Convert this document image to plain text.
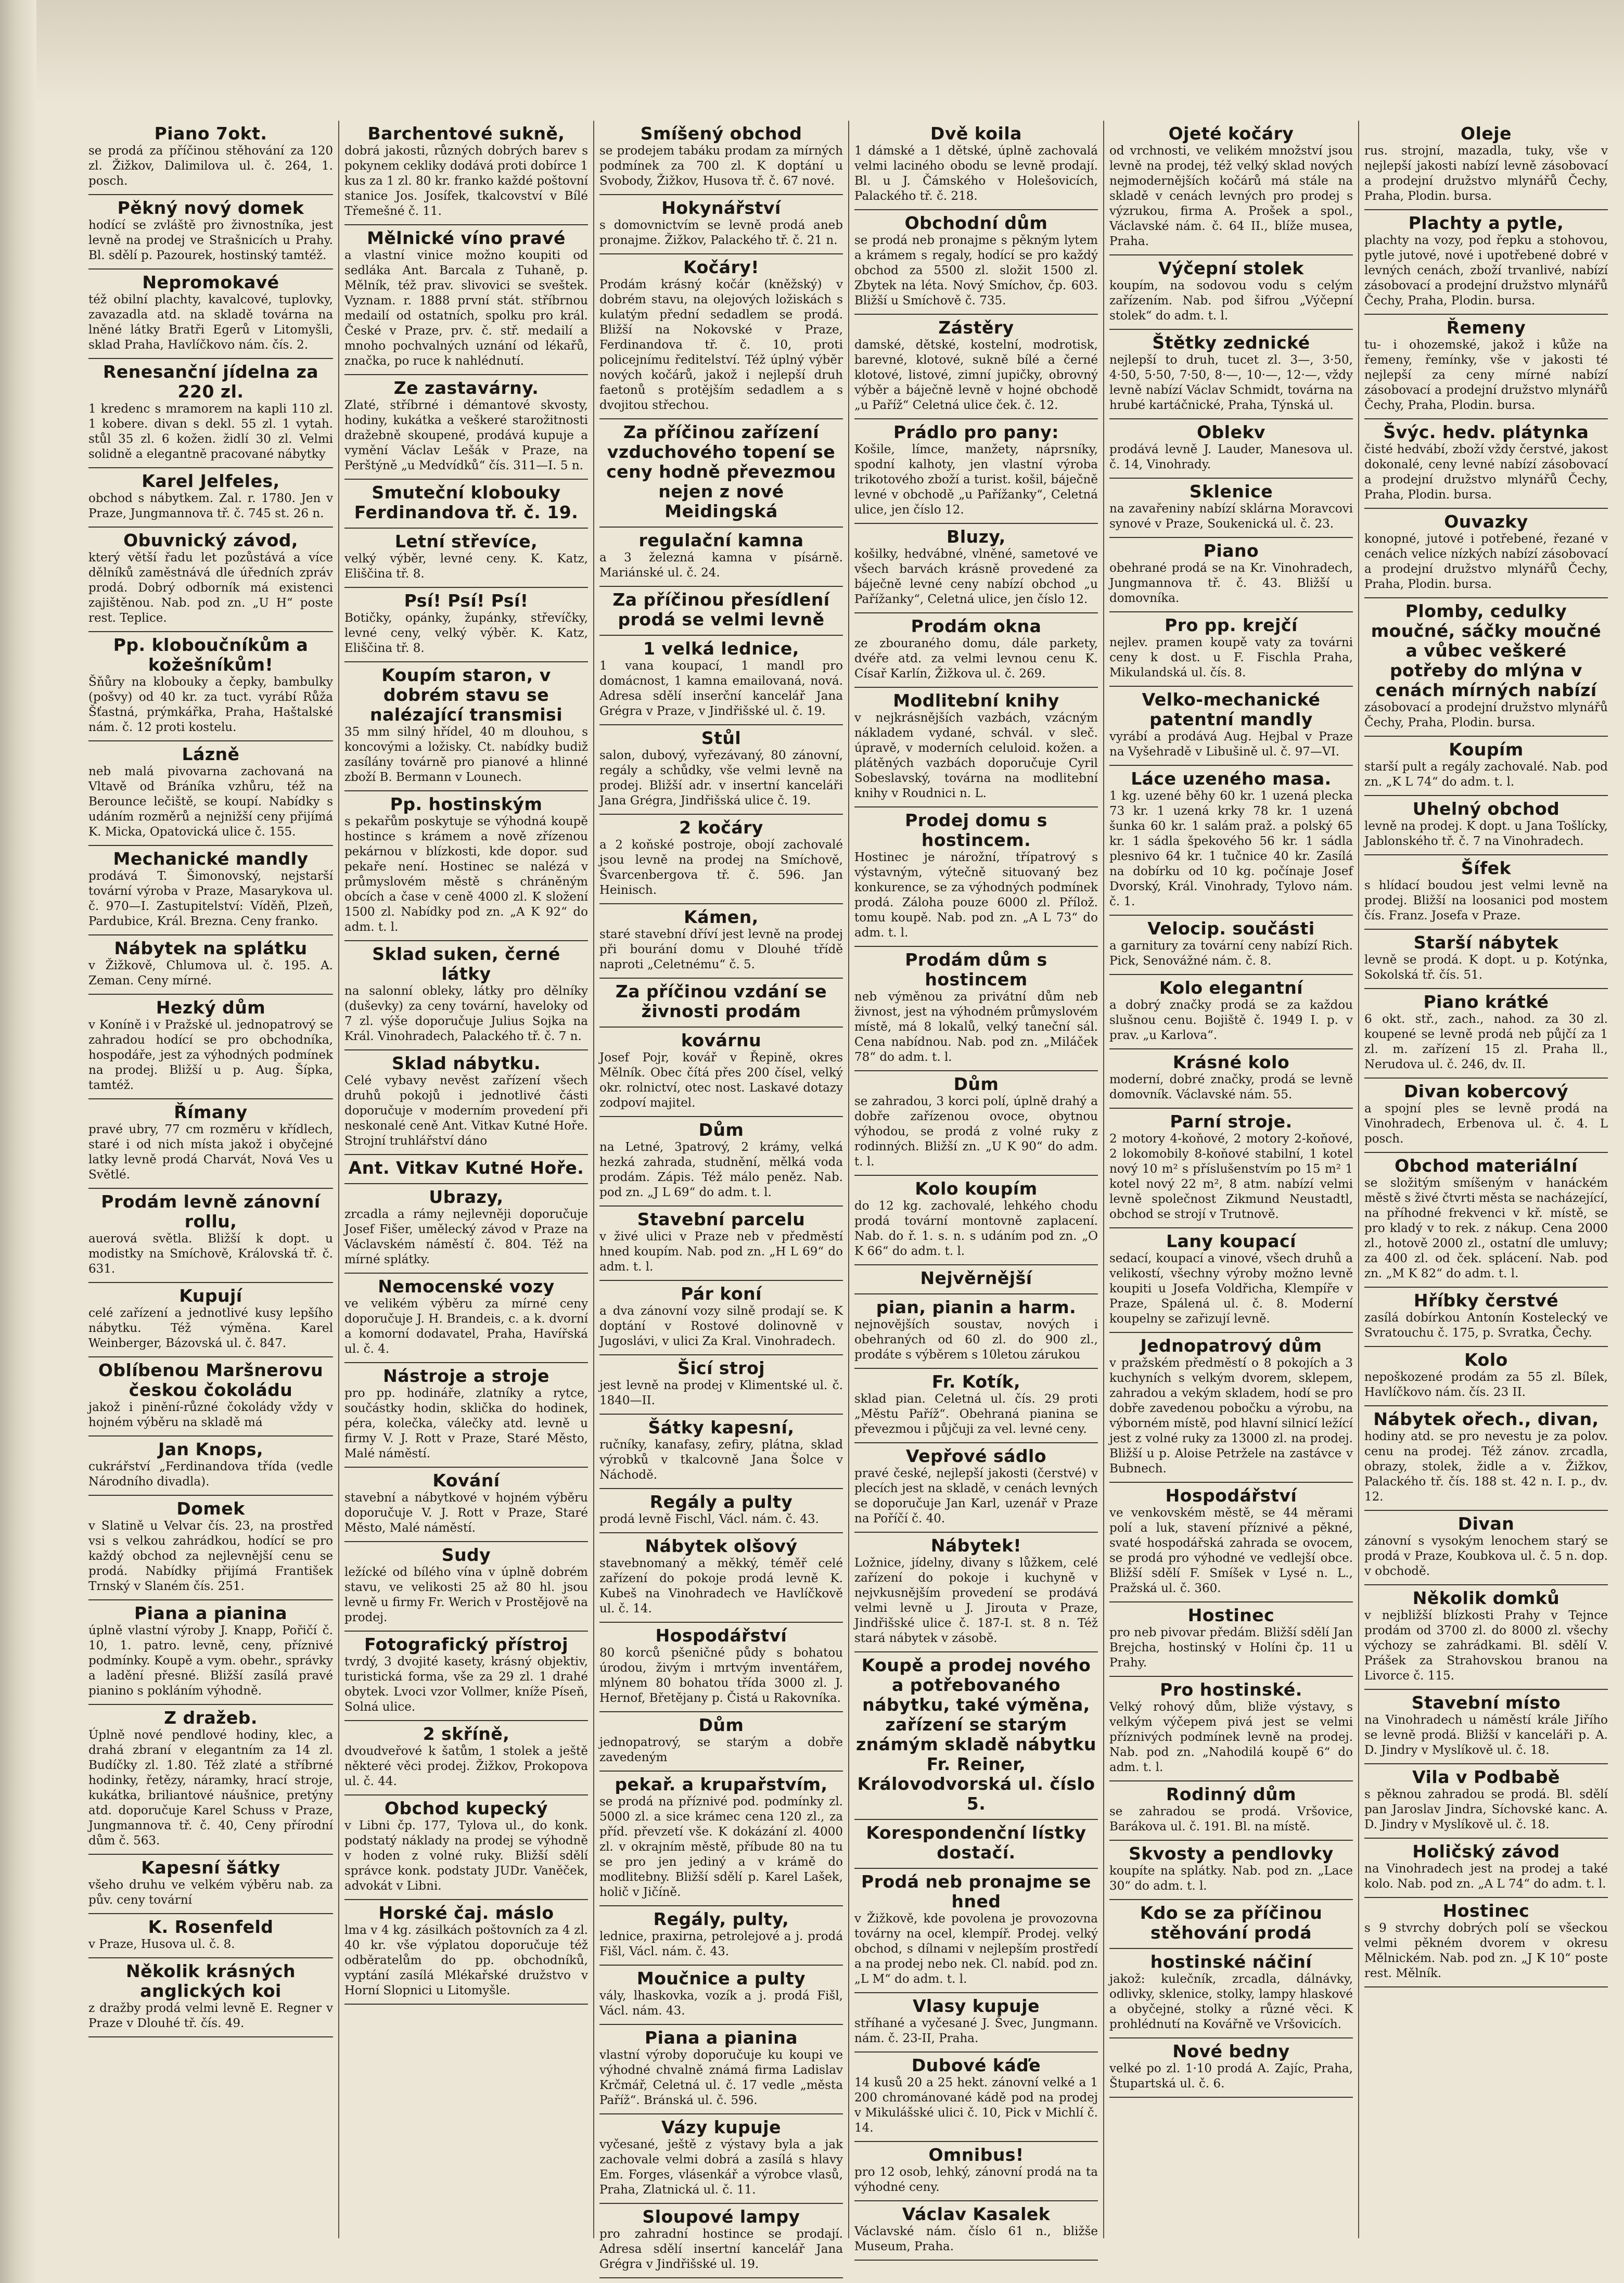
Piano 7okt.
se prodá za příčinou stěhování za 120 zl. Žižkov, Dalimilova ul. č. 264, 1. posch.
Pěkný nový domek
hodící se zvláště pro živnostníka, jest levně na prodej ve Strašnicích u Prahy. Bl. sdělí p. Pazourek, hostinský tamtéž.
Nepromokavé
též obilní plachty, kavalcové, tuplovky, zavazadla atd. na skladě továrna na lněné látky Bratři Egerů v Litomyšli, sklad Praha, Havlíčkovo nám. čís. 2.
Renesanční jídelna za 220 zl.
1 kredenc s mramorem na kapli 110 zl. 1 kobere. divan s dekl. 55 zl. 1 vytah. stůl 35 zl. 6 kožen. židlí 30 zl. Velmi solidně a elegantně pracované nábytky
Karel Jelfeles,
obchod s nábytkem. Zal. r. 1780. Jen v Praze, Jungmannova tř. č. 745 st. 26 n.
Obuvnický závod,
který větší řadu let pozůstává a více dělníků zaměstnává dle úředních zpráv prodá. Dobrý odborník má existenci zajištěnou. Nab. pod zn. „U H“ poste rest. Teplice.
Pp. kloboučníkům a kožešníkům!
Šňůry na klobouky a čepky, bambulky (pošvy) od 40 kr. za tuct. vyrábí Růža Šťastná, prýmkářka, Praha, Haštalské nám. č. 12 proti kostelu.
Lázně
neb malá pivovarna zachovaná na Vltavě od Bráníka vzhůru, též na Berounce lečiště, se koupí. Nabídky s udáním rozměrů a nejnižší ceny přijímá K. Micka, Opatovická ulice č. 155.
Mechanické mandly
prodává T. Šimonovský, nejstarší tovární výroba v Praze, Masarykova ul. č. 970—I. Zastupitelství: Víděň, Plzeň, Pardubice, Král. Brezna. Ceny franko.
Nábytek na splátku
v Žižkově, Chlumova ul. č. 195. A. Zeman. Ceny mírné.
Hezký dům
v Koníně i v Pražské ul. jednopatrový se zahradou hodící se pro obchodníka, hospodáře, jest za výhodných podmínek na prodej. Bližší u p. Aug. Šípka, tamtéž.
Římany
pravé ubry, 77 cm rozměru v křídlech, staré i od nich místa jakož i obyčejné latky levně prodá Charvát, Nová Ves u Světlé.
Prodám levně zánovní rollu,
auerová světla. Bližší k dopt. u modistky na Smíchově, Královská tř. č. 631.
Kupují
celé zařízení a jednotlivé kusy lepšího nábytku. Též výměna. Karel Weinberger, Bázovská ul. č. 847.
Oblíbenou Maršnerovu českou čokoládu
jakož i pinění-různé čokolády vždy v hojném výběru na skladě má
Jan Knops,
cukrářství „Ferdinandova třída (vedle Národního divadla).
Domek
v Slatině u Velvar čís. 23, na prostřed vsi s velkou zahrádkou, hodící se pro každý obchod za nejlevnější cenu se prodá. Nabídky přijímá František Trnský v Slaném čís. 251.
Piana a pianina
úplně vlastní výroby J. Knapp, Pořičí č. 10, 1. patro. levně, ceny, příznivé podmínky. Koupě a vym. obehr., správky a ladění přesné. Bližší zasílá pravé pianino s pokláním výhodně.
Z dražeb.
Úplně nové pendlové hodiny, klec, a drahá zbraní v elegantním za 14 zl. Budíčky zl. 1.80. Též zlaté a stříbrné hodinky, řetězy, náramky, hrací stroje, kukátka, briliantové náušnice, pretýny atd. doporučuje Karel Schuss v Praze, Jungmannova tř. č. 40, Ceny přírodní dům č. 563.
Kapesní šátky
všeho druhu ve velkém výběru nab. za pův. ceny tovární
K. Rosenfeld
v Praze, Husova ul. č. 8.
Několik krásných anglických koi
z dražby prodá velmi levně E. Regner v Praze v Dlouhé tř. čís. 49.
Barchentové sukně,
dobrá jakosti, různých dobrých barev s pokynem cekliky dodává proti dobírce 1 kus za 1 zl. 80 kr. franko každé poštovní stanice Jos. Josífek, tkalcovství v Bílé Třemešné č. 11.
Mělnické víno pravé
a vlastní vinice možno koupiti od sedláka Ant. Barcala z Tuhaně, p. Mělník, též prav. slivovici se sveštek. Vyznam. r. 1888 první stát. stříbrnou medailí od ostatních, spolku pro král. České v Praze, prv. č. stř. medailí a mnoho pochvalných uznání od lékařů, značka, po ruce k nahlédnutí.
Ze zastavárny.
Zlaté, stříbrné i démantové skvosty, hodiny, kukátka a veškeré starožitnosti dražebně skoupené, prodává kupuje a vymění Václav Lešák v Praze, na Perštýně „u Medvídků“ čís. 311—I. 5 n.
Smuteční klobouky Ferdinandova tř. č. 19.
Letní střevíce,
velký výběr, levné ceny. K. Katz, Eliščina tř. 8.
Psí! Psí! Psí!
Botičky, opánky, župánky, střevíčky, levné ceny, velký výběr. K. Katz, Eliščina tř. 8.
Koupím staron, v dobrém stavu se nalézající transmisi
35 mm silný hřídel, 40 m dlouhou, s koncovými a ložisky. Ct. nabídky budiž zasílány továrně pro pianové a hlinné zboží B. Bermann v Lounech.
Pp. hostinským
s pekařům poskytuje se výhodná koupě hostince s krámem a nově zřízenou pekárnou v blízkosti, kde dopor. sud pekaře není. Hostinec se nalézá v průmyslovém městě s chráněným obcích a čase v ceně 4000 zl. K složení 1500 zl. Nabídky pod zn. „A K 92“ do adm. t. l.
Sklad suken, černé látky
na salonní obleky, látky pro dělníky (duševky) za ceny tovární, haveloky od 7 zl. výše doporučuje Julius Sojka na Král. Vinohradech, Palackého tř. č. 7 n.
Sklad nábytku.
Celé vybavy nevěst zařízení všech druhů pokojů i jednotlivé části doporučuje v moderním provedení při neskonalé ceně Ant. Vitkav Kutné Hoře. Strojní truhlářství dáno
Ant. Vitkav Kutné Hoře.
Ubrazy,
zrcadla a rámy nejlevněji doporučuje Josef Fišer, umělecký závod v Praze na Václavském náměstí č. 804. Též na mírné splátky.
Nemocenské vozy
ve velikém výběru za mírné ceny doporučuje J. H. Brandeis, c. a k. dvorní a komorní dodavatel, Praha, Havířská ul. č. 4.
Nástroje a stroje
pro pp. hodináře, zlatníky a rytce, součástky hodin, sklička do hodinek, péra, kolečka, válečky atd. levně u firmy V. J. Rott v Praze, Staré Město, Malé náměstí.
Kování
stavební a nábytkové v hojném výběru doporučuje V. J. Rott v Praze, Staré Město, Malé náměstí.
Sudy
ležícké od bílého vína v úplně dobrém stavu, ve velikosti 25 až 80 hl. jsou levně u firmy Fr. Werich v Prostějově na prodej.
Fotografický přístroj
tvrdý, 3 dvojité kasety, krásný objektiv, turistická forma, vše za 29 zl. 1 drahé obytek. Lvoci vzor Vollmer, kníže Píseň, Solná ulice.
2 skříně,
dvoudveřové k šatům, 1 stolek a ještě některé věci prodej. Žižkov, Prokopova ul. č. 44.
Obchod kupecký
v Libni čp. 177, Tylova ul., do konk. podstatý náklady na prodej se výhodně v hoden z volné ruky. Bližší sdělí správce konk. podstaty JUDr. Vaněček, advokát v Libni.
Horské čaj. máslo
lma v 4 kg. zásilkách poštovních za 4 zl. 40 kr. vše výplatou doporučuje též odběratelům do pp. obchodníků, vyptání zasílá Mlékařské družstvo v Horní Slopnici u Litomyšle.
Smíšený obchod
se prodejem tabáku prodam za mírných podmínek za 700 zl. K doptání u Svobody, Žižkov, Husova tř. č. 67 nové.
Hokynářství
s domovnictvím se levně prodá aneb pronajme. Žižkov, Palackého tř. č. 21 n.
Kočáry!
Prodám krásný kočár (kněžský) v dobrém stavu, na olejových ložiskách s kulatým přední sedadlem se prodá. Bližší na Nokovské v Praze, Ferdinandova tř. č. 10, proti policejnímu ředitelství. Též úplný výběr nových kočárů, jakož i nejlepší druh faetonů s protějším sedadlem a s dvojitou střechou.
Za příčinou zařízení vzduchového topení se ceny hodně převezmou nejen z nové Meidingská
regulační kamna
a 3 železná kamna v písárně. Mariánské ul. č. 24.
Za příčinou přesídlení prodá se velmi levně
1 velká lednice,
1 vana koupací, 1 mandl pro domácnost, 1 kamna emailovaná, nová. Adresa sdělí inserční kancelář Jana Grégra v Praze, v Jindřišské ul. č. 19.
Stůl
salon, dubový, vyřezávaný, 80 zánovní, regály a schůdky, vše velmi levně na prodej. Bližší adr. v insertní kanceláři Jana Grégra, Jindřišská ulice č. 19.
2 kočáry
a 2 koňské postroje, obojí zachovalé jsou levně na prodej na Smíchově, Švarcenbergova tř. č. 596. Jan Heinisch.
Kámen,
staré stavební dříví jest levně na prodej při bourání domu v Dlouhé třídě naproti „Celetnému“ č. 5.
Za příčinou vzdání se živnosti prodám
kovárnu
Josef Pojr, kovář v Řepině, okres Mělník. Obec čítá přes 200 čísel, velký okr. rolnictví, otec nost. Laskavé dotazy zodpoví majitel.
Dům
na Letné, 3patrový, 2 krámy, velká hezká zahrada, studnění, mělká voda prodám. Zápis. Též málo peněz. Nab. pod zn. „J L 69“ do adm. t. l.
Stavební parcelu
v živé ulici v Praze neb v předměstí hned koupím. Nab. pod zn. „H L 69“ do adm. t. l.
Pár koní
a dva zánovní vozy silně prodají se. K doptání v Rostové dolinovně v Jugoslávi, v ulici Za Kral. Vinohradech.
Šicí stroj
jest levně na prodej v Klimentské ul. č. 1840—II.
Šátky kapesní,
ručníky, kanafasy, zefiry, plátna, sklad výrobků v tkalcovně Jana Šolce v Náchodě.
Regály a pulty
prodá levně Fischl, Václ. nám. č. 43.
Nábytek olšový
stavebnomaný a měkký, téměř celé zařízení do pokoje prodá levně K. Kubeš na Vinohradech ve Havlíčkově ul. č. 14.
Hospodářství
80 korců pšeničné půdy s bohatou úrodou, živým i mrtvým inventářem, mlýnem 80 bohatou třída 3000 zl. J. Hernof, Břetějany p. Čistá u Rakovníka.
Dům
jednopatrový, se starým a dobře zavedeným
pekař. a krupařstvím,
se prodá na příznivé pod. podmínky zl. 5000 zl. a sice krámec cena 120 zl., za příd. převzetí vše. K dokázání zl. 4000 zl. v okrajním městě, příbude 80 na tu se pro jen jediný a v krámě do modlitebny. Bližší sdělí p. Karel Lašek, holič v Jičíně.
Regály, pulty,
lednice, praxirna, petrolejové a j. prodá Fišl, Václ. nám. č. 43.
Moučnice a pulty
vály, lhaskovka, vozík a j. prodá Fišl, Václ. nám. 43.
Piana a pianina
vlastní výroby doporučuje ku koupi ve výhodné chvalně známá firma Ladislav Krčmář, Celetná ul. č. 17 vedle „města Paříž“. Bránská ul. č. 596.
Vázy kupuje
vyčesané, ještě z výstavy byla a jak zachovale velmi dobrá a zasílá s hlavy Em. Forges, vlásenkář a výrobce vlasů, Praha, Zlatnická ul. č. 11.
Sloupové lampy
pro zahradní hostince se prodají. Adresa sdělí insertní kancelář Jana Grégra v Jindřišské ul. 19.
Dvě koila
1 dámské a 1 dětské, úplně zachovalá velmi laciného obodu se levně prodají. Bl. u J. Čámského v Holešovicích, Palackého tř. č. 218.
Obchodní dům
se prodá neb pronajme s pěkným lytem a krámem s regaly, hodící se pro každý obchod za 5500 zl. složit 1500 zl. Zbytek na léta. Nový Smíchov, čp. 603. Bližší u Smíchově č. 735.
Zástěry
damské, dětské, kostelní, modrotisk, barevné, klotové, sukně bílé a černé klotové, listové, zimní jupičky, obrovný výběr a báječně levně v hojné obchodě „u Paříž“ Celetná ulice ček. č. 12.
Prádlo pro pany:
Košile, límce, manžety, náprsníky, spodní kalhoty, jen vlastní výroba trikotového zboží a turist. košil, báječně levné v obchodě „u Pařížanky“, Celetná ulice, jen číslo 12.
Bluzy,
košilky, hedvábné, vlněné, sametové ve všech barvách krásně provedené za báječně levné ceny nabízí obchod „u Pařížanky“, Celetná ulice, jen číslo 12.
Prodám okna
ze zbouraného domu, dále parkety, dvéře atd. za velmi levnou cenu K. Císař Karlín, Žižkova ul. č. 269.
Modlitební knihy
v nejkrásnějších vazbách, vzácným nákladem vydané, schvál. v sleč. úpravě, v moderních celuloid. kožen. a plátěných vazbách doporučuje Cyril Sobeslavský, továrna na modlitební knihy v Roudnici n. L.
Prodej domu s hostincem.
Hostinec je nárožní, třípatrový s výstavným, výtečně situovaný bez konkurence, se za výhodných podmínek prodá. Záloha pouze 6000 zl. Přílož. tomu koupě. Nab. pod zn. „A L 73“ do adm. t. l.
Prodám dům s hostincem
neb výměnou za privátní dům neb živnost, jest na výhodném průmyslovém místě, má 8 lokalů, velký taneční sál. Cena nabídnou. Nab. pod zn. „Miláček 78“ do adm. t. l.
Dům
se zahradou, 3 korci polí, úplně drahý a dobře zařízenou ovoce, obytnou výhodou, se prodá z volné ruky z rodinných. Bližší zn. „U K 90“ do adm. t. l.
Kolo koupím
do 12 kg. zachovalé, lehkého chodu prodá tovární montovně zaplacení. Nab. do ř. 1. s. n. s udáním pod zn. „O K 66“ do adm. t. l.
Nejvěrnější
pian, pianin a harm.
nejnovějších soustav, nových i obehraných od 60 zl. do 900 zl., prodáte s výběrem s 10letou zárukou
Fr. Kotík,
sklad pian. Celetná ul. čís. 29 proti „Městu Paříž“. Obehraná pianina se převezmou i půjčuji za vel. levné ceny.
Vepřové sádlo
pravé české, nejlepší jakosti (čerstvé) v plecích jest na skladě, v cenách levných se doporučuje Jan Karl, uzenář v Praze na Poříčí č. 40.
Nábytek!
Ložnice, jídelny, divany s lůžkem, celé zařízení do pokoje i kuchyně v nejvkusnějším provedení se prodává velmi levně u J. Jirouta v Praze, Jindřišské ulice č. 187-I. st. 8 n. Též stará nábytek v zásobě.
Koupě a prodej nového a potřebovaného nábytku, také výměna, zařízení se starým známým skladě nábytku Fr. Reiner, Královodvorská ul. číslo 5.
Korespondenční lístky dostačí.
Prodá neb pronajme se hned
v Žižkově, kde povolena je provozovna továrny na ocel, klempíř. Prodej. velký obchod, s dílnami v nejlepším prostředí a na prodej nebo nek. Cl. nabíd. pod zn. „L M“ do adm. t. l.
Vlasy kupuje
stříhané a vyčesané J. Švec, Jungmann. nám. č. 23-II, Praha.
Dubové káďe
14 kusů 20 a 25 hekt. zánovní velké a 1 200 chrománované kádě pod na prodej v Mikulášské ulici č. 10, Pick v Michlí č. 14.
Omnibus!
pro 12 osob, lehký, zánovní prodá na ta výhodné ceny.
Václav Kasalek
Václavské nám. číslo 61 n., bližše Museum, Praha.
Ojeté kočáry
od vrchnosti, ve velikém množství jsou levně na prodej, též velký sklad nových nejmodernějších kočárů má stále na skladě v cenách levných pro prodej s výzrukou, firma A. Prošek a spol., Václavské nám. č. 64 II., blíže musea, Praha.
Výčepní stolek
koupím, na sodovou vodu s celým zařízením. Nab. pod šifrou „Výčepní stolek“ do adm. t. l.
Štětky zednické
nejlepší to druh, tucet zl. 3—, 3·50, 4·50, 5·50, 7·50, 8·—, 10·—, 12·—, vždy levně nabízí Václav Schmidt, továrna na hrubé kartáčnické, Praha, Týnská ul.
Oblekv
prodává levně J. Lauder, Manesova ul. č. 14, Vinohrady.
Sklenice
na zavařeniny nabízí sklárna Moravcovi synové v Praze, Soukenická ul. č. 23.
Piano
obehrané prodá se na Kr. Vinohradech, Jungmannova tř. č. 43. Bližší u domovníka.
Pro pp. krejčí
nejlev. pramen koupě vaty za továrni ceny k dost. u F. Fischla Praha, Mikulandská ul. čís. 8.
Velko-mechanické patentní mandly
vyrábí a prodává Aug. Hejbal v Praze na Vyšehradě v Libušině ul. č. 97—VI.
Láce uzeného masa.
1 kg. uzené běhy 60 kr. 1 uzená plecka 73 kr. 1 uzená krky 78 kr. 1 uzená šunka 60 kr. 1 salám praž. a polský 65 kr. 1 sádla špekového 56 kr. 1 sádla plesnivo 64 kr. 1 tučnice 40 kr. Zasílá na dobírku od 10 kg. počínaje Josef Dvorský, Král. Vinohrady, Tylovo nám. č. 1.
Velocip. součásti
a garnitury za tovární ceny nabízí Rich. Pick, Senovážné nám. č. 8.
Kolo elegantní
a dobrý značky prodá se za každou slušnou cenu. Bojiště č. 1949 I. p. v prav. „u Karlova“.
Krásné kolo
moderní, dobré značky, prodá se levně domovník. Václavské nám. 55.
Parní stroje.
2 motory 4-koňové, 2 motory 2-koňové, 2 lokomobily 8-koňové stabilní, 1 kotel nový 10 m² s příslušenstvím po 15 m² 1 kotel nový 22 m², 8 atm. nabízí velmi levně společnost Zikmund Neustadtl, obchod se strojí v Trutnově.
Lany koupací
sedací, koupací a vinové, všech druhů a velikostí, všechny výroby možno levně koupiti u Josefa Voldřicha, Klempíře v Praze, Spálená ul. č. 8. Moderní koupelny se zařizují levně.
Jednopatrový dům
v pražském předměstí o 8 pokojích a 3 kuchyních s velkým dvorem, sklepem, zahradou a vekým skladem, hodí se pro dobře zavedenou pobočku a výrobu, na výborném místě, pod hlavní silnicí ležící jest z volné ruky za 13000 zl. na prodej. Bližší u p. Aloise Petržele na zastávce v Bubnech.
Hospodářství
ve venkovském městě, se 44 měrami polí a luk, stavení příznivé a pěkné, svaté hospodářská zahrada se ovocem, se prodá pro výhodné ve vedlejší obce. Bližší sdělí F. Smíšek v Lysé n. L., Pražská ul. č. 360.
Hostinec
pro neb pivovar předám. Bližší sdělí Jan Brejcha, hostinský v Holíni čp. 11 u Prahy.
Pro hostinské.
Velký rohový dům, bliže výstavy, s velkým výčepem pivá jest se velmi příznivých podmínek levně na prodej. Nab. pod zn. „Nahodilá koupě 6“ do adm. t. l.
Rodinný dům
se zahradou se prodá. Vršovice, Barákova ul. č. 191. Bl. na místě.
Skvosty a pendlovky
koupíte na splátky. Nab. pod zn. „Lace 30“ do adm. t. l.
Kdo se za příčinou stěhování prodá
hostinské náčiní
jakož: kulečník, zrcadla, dálnávky, odlivky, sklenice, stolky, lampy hlaskové a obyčejné, stolky a různé věci. K prohlédnutí na Kovářně ve Vršovicích.
Nové bedny
velké po zl. 1·10 prodá A. Zajíc, Praha, Štupartská ul. č. 6.
Oleje
rus. strojní, mazadla, tuky, vše v nejlepší jakosti nabízí levně zásobovací a prodejní družstvo mlynářů Čechy, Praha, Plodin. bursa.
Plachty a pytle,
plachty na vozy, pod řepku a stohovou, pytle jutové, nové i upotřebené dobré v levných cenách, zboží trvanlivé, nabízí zásobovací a prodejní družstvo mlynářů Čechy, Praha, Plodin. bursa.
Řemeny
tu- i ohozemské, jakož i kůže na řemeny, řemínky, vše v jakosti té nejlepší za ceny mírné nabízí zásobovací a prodejní družstvo mlynářů Čechy, Praha, Plodin. bursa.
Švýc. hedv. plátynka
čisté hedvábí, zboží vždy čerstvé, jakost dokonalé, ceny levné nabízí zásobovací a prodejní družstvo mlynářů Čechy, Praha, Plodin. bursa.
Ouvazky
konopné, jutové i potřebené, řezané v cenách velice nízkých nabízí zásobovací a prodejní družstvo mlynářů Čechy, Praha, Plodin. bursa.
Plomby, cedulky moučné, sáčky moučné a vůbec veškeré potřeby do mlýna v cenách mírných nabízí
zásobovací a prodejní družstvo mlynářů Čechy, Praha, Plodin. bursa.
Koupím
starší pult a regály zachovalé. Nab. pod zn. „K L 74“ do adm. t. l.
Uhelný obchod
levně na prodej. K dopt. u Jana Tošlícky, Jablonského tř. č. 7 na Vinohradech.
Šífek
s hlídací boudou jest velmi levně na prodej. Bližší na loosanici pod mostem čís. Franz. Josefa v Praze.
Starší nábytek
levně se prodá. K dopt. u p. Kotýnka, Sokolská tř. čís. 51.
Piano krátké
6 okt. stř., zach., nahod. za 30 zl. koupené se levně prodá neb půjčí za 1 zl. m. zařízení 15 zl. Praha ll., Nerudova ul. č. 246, dv. II.
Divan kobercový
a spojní ples se levně prodá na Vinohradech, Erbenova ul. č. 4. L posch.
Obchod materiální
se složitým smíšeným v hanáckém městě s živé čtvrti města se nacházející, na příhodné frekvenci v kř. místě, se pro kladý v to rek. z nákup. Cena 2000 zl., hotově 2000 zl., ostatní dle umluvy; za 400 zl. od ček. splácení. Nab. pod zn. „M K 82“ do adm. t. l.
Hříbky čerstvé
zasílá dobírkou Antonín Kostelecký ve Svratouchu č. 175, p. Svratka, Čechy.
Kolo
nepoškozené prodám za 55 zl. Bílek, Havlíčkovo nám. čís. 23 II.
Nábytek ořech., divan,
hodiny atd. se pro nevestu je za polov. cenu na prodej. Též zánov. zrcadla, obrazy, stolek, židle a v. Žižkov, Palackého tř. čís. 188 st. 42 n. I. p., dv. 12.
Divan
zánovní s vysokým lenochem starý se prodá v Praze, Koubkova ul. č. 5 n. dop. v obchodě.
Několik domků
v nejbližší blízkosti Prahy v Tejnce prodám od 3700 zl. do 8000 zl. všechy výchozy se zahrádkami. Bl. sdělí V. Prášek za Strahovskou branou na Livorce č. 115.
Stavební místo
na Vinohradech u náměstí krále Jiřího se levně prodá. Bližší v kanceláři p. A. D. Jindry v Myslíkově ul. č. 18.
Vila v Podbabě
s pěknou zahradou se prodá. Bl. sdělí pan Jaroslav Jindra, Síchovské kanc. A. D. Jindry v Myslíkově ul. č. 18.
Holičský závod
na Vinohradech jest na prodej a také kolo. Nab. pod zn. „A L 74“ do adm. t. l.
Hostinec
s 9 stvrchy dobrých polí se všeckou velmi pěkném dvorem v okresu Mělnickém. Nab. pod zn. „J K 10“ poste rest. Mělník.
